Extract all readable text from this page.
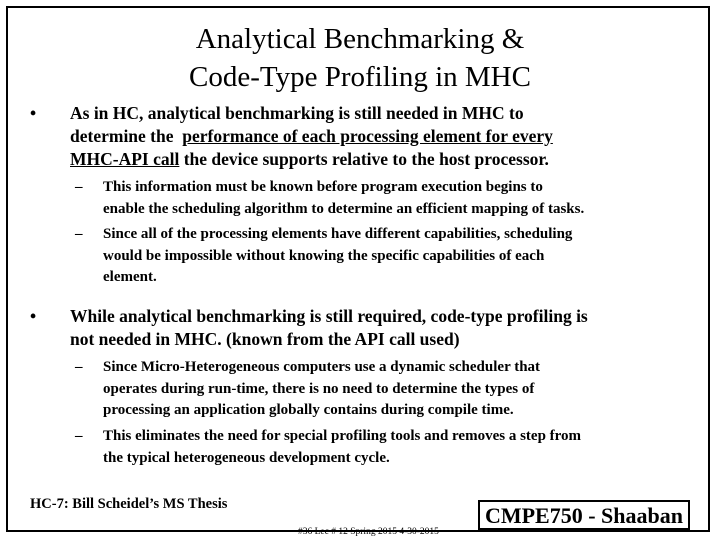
Analytical Benchmarking &
Code-Type Profiling in MHC
• As in HC, analytical benchmarking is still needed in MHC to
determine the performance of each processing element for every
MHC-API call the device supports relative to the host processor.
– This information must be known before program execution begins to
enable the scheduling algorithm to determine an efficient mapping of tasks.
– Since all of the processing elements have different capabilities, scheduling
would be impossible without knowing the specific capabilities of each
element.
• While analytical benchmarking is still required, code-type profiling is
not needed in MHC. (known from the API call used)
– Since Micro-Heterogeneous computers use a dynamic scheduler that
operates during run-time, there is no need to determine the types of
processing an application globally contains during compile time.
– This eliminates the need for special profiling tools and removes a step from
the typical heterogeneous development cycle.
HC-7: Bill Scheidel’s MS Thesis	CMPE750 - Shaaban
#36 Lec # 12 Spring 2015 4-30-2015
